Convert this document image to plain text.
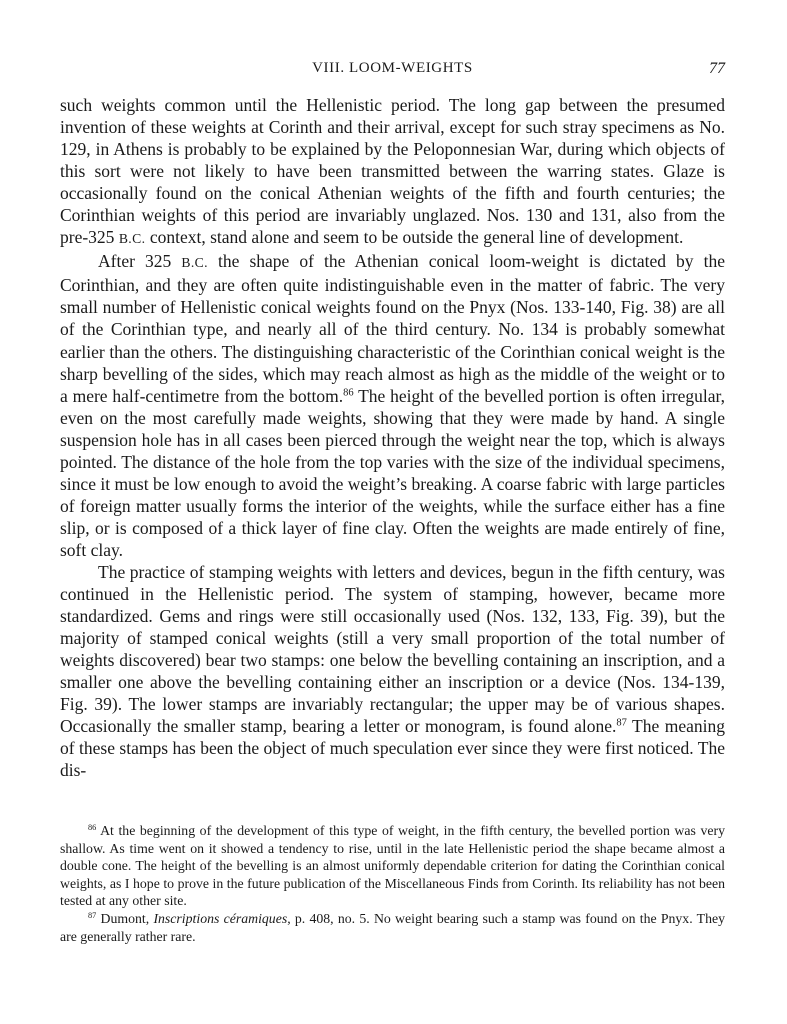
VIII. LOOM-WEIGHTS	77

such weights common until the Hellenistic period. The long gap between the presumed invention of these weights at Corinth and their arrival, except for such stray specimens as No. 129, in Athens is probably to be explained by the Peloponnesian War, during which objects of this sort were not likely to have been transmitted between the warring states. Glaze is occasionally found on the conical Athenian weights of the fifth and fourth centuries; the Corinthian weights of this period are invariably unglazed. Nos. 130 and 131, also from the pre-325 B.C. context, stand alone and seem to be outside the general line of development.

After 325 B.C. the shape of the Athenian conical loom-weight is dictated by the Corinthian, and they are often quite indistinguishable even in the matter of fabric. The very small number of Hellenistic conical weights found on the Pnyx (Nos. 133-140, Fig. 38) are all of the Corinthian type, and nearly all of the third century. No. 134 is probably somewhat earlier than the others. The distinguishing characteristic of the Corinthian conical weight is the sharp bevelling of the sides, which may reach almost as high as the middle of the weight or to a mere half-centimetre from the bottom.$^{86}$ The height of the bevelled portion is often irregular, even on the most carefully made weights, showing that they were made by hand. A single suspension hole has in all cases been pierced through the weight near the top, which is always pointed. The distance of the hole from the top varies with the size of the individual specimens, since it must be low enough to avoid the weight’s breaking. A coarse fabric with large particles of foreign matter usually forms the interior of the weights, while the surface either has a fine slip, or is composed of a thick layer of fine clay. Often the weights are made entirely of fine, soft clay.

The practice of stamping weights with letters and devices, begun in the fifth century, was continued in the Hellenistic period. The system of stamping, however, became more standardized. Gems and rings were still occasionally used (Nos. 132, 133, Fig. 39), but the majority of stamped conical weights (still a very small proportion of the total number of weights discovered) bear two stamps: one below the bevelling containing an inscription, and a smaller one above the bevelling containing either an inscription or a device (Nos. 134-139, Fig. 39). The lower stamps are invariably rectangular; the upper may be of various shapes. Occasionally the smaller stamp, bearing a letter or monogram, is found alone.$^{87}$ The meaning of these stamps has been the object of much speculation ever since they were first noticed. The dis-

$^{86}$ At the beginning of the development of this type of weight, in the fifth century, the bevelled portion was very shallow. As time went on it showed a tendency to rise, until in the late Hellenistic period the shape became almost a double cone. The height of the bevelling is an almost uniformly dependable criterion for dating the Corinthian conical weights, as I hope to prove in the future publication of the Miscellaneous Finds from Corinth. Its reliability has not been tested at any other site.

$^{87}$ Dumont, Inscriptions céramiques, p. 408, no. 5. No weight bearing such a stamp was found on the Pnyx. They are generally rather rare.
